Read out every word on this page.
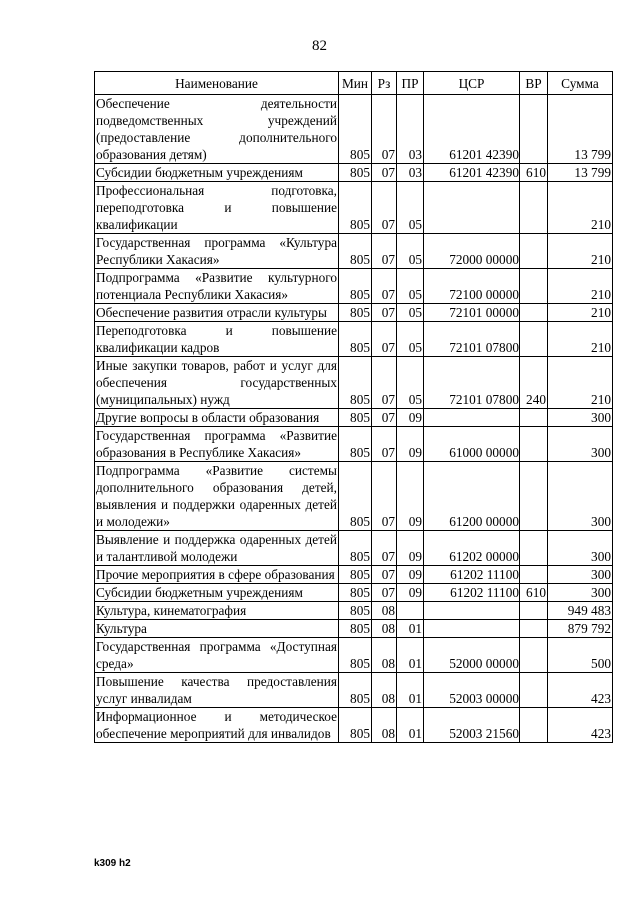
82
Наименование	Мин	Рз	ПР	ЦСР	ВР	Сумма
Обеспечение деятельности подведомственных учреждений (предоставление дополнительного образования детям)	805	07	03	61201 42390		13 799
Субсидии бюджетным учреждениям	805	07	03	61201 42390	610	13 799
Профессиональная подготовка, переподготовка и повышение квалификации	805	07	05			210
Государственная программа «Культура Республики Хакасия»	805	07	05	72000 00000		210
Подпрограмма «Развитие культурного потенциала Республики Хакасия»	805	07	05	72100 00000		210
Обеспечение развития отрасли культуры	805	07	05	72101 00000		210
Переподготовка и повышение квалификации кадров	805	07	05	72101 07800		210
Иные закупки товаров, работ и услуг для обеспечения государственных (муниципальных) нужд	805	07	05	72101 07800	240	210
Другие вопросы в области образования	805	07	09			300
Государственная программа «Развитие образования в Республике Хакасия»	805	07	09	61000 00000		300
Подпрограмма «Развитие системы дополнительного образования детей, выявления и поддержки одаренных детей и молодежи»	805	07	09	61200 00000		300
Выявление и поддержка одаренных детей и талантливой молодежи	805	07	09	61202 00000		300
Прочие мероприятия в сфере образования	805	07	09	61202 11100		300
Субсидии бюджетным учреждениям	805	07	09	61202 11100	610	300
Культура, кинематография	805	08				949 483
Культура	805	08	01			879 792
Государственная программа «Доступная среда»	805	08	01	52000 00000		500
Повышение качества предоставления услуг инвалидам	805	08	01	52003 00000		423
Информационное и методическое обеспечение мероприятий для инвалидов	805	08	01	52003 21560		423
k309 h2
